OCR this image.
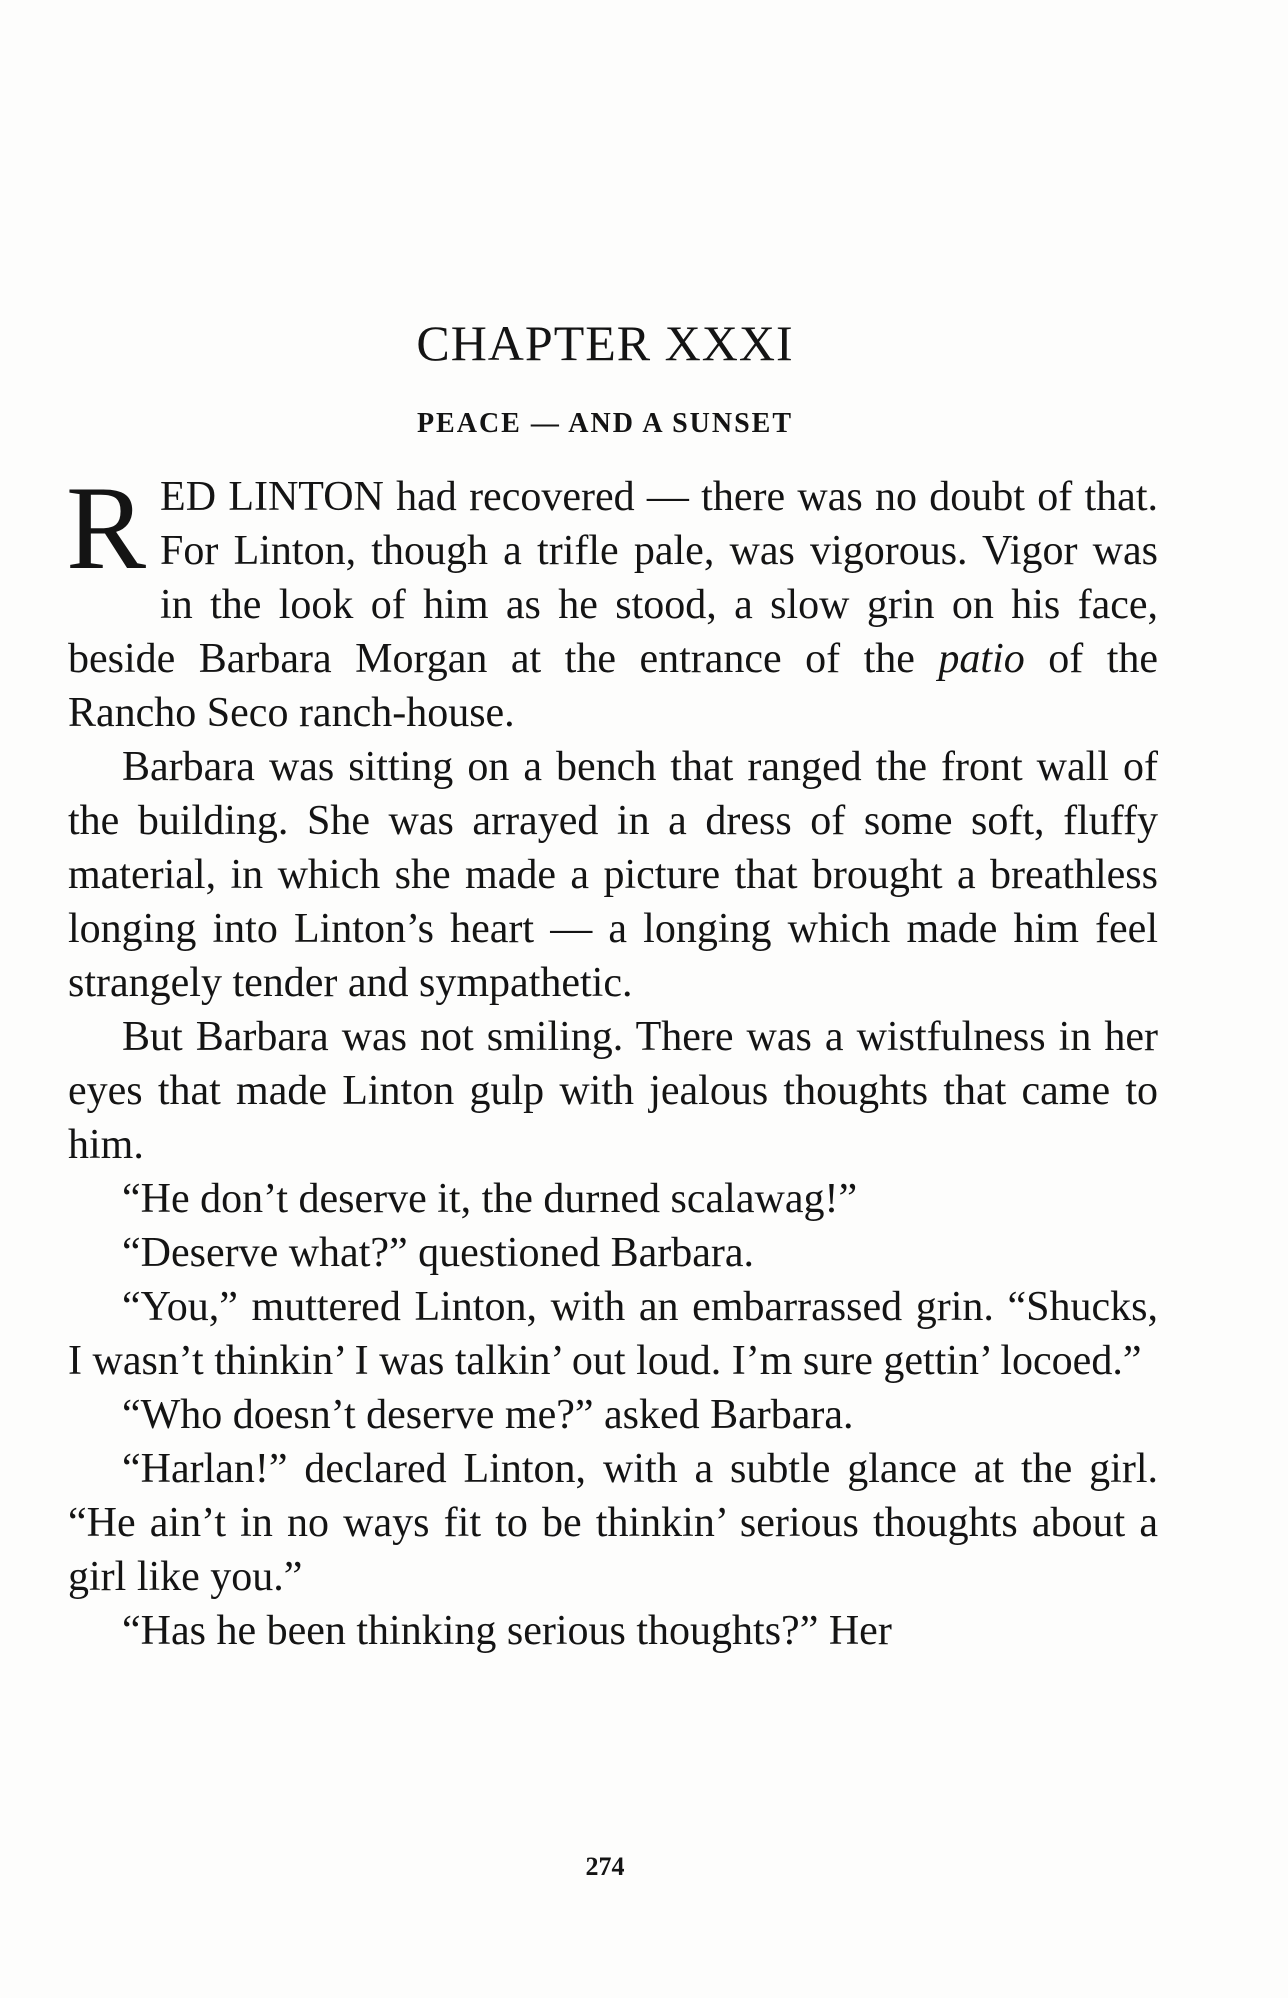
CHAPTER XXXI
PEACE — AND A SUNSET

RED LINTON had recovered — there was no doubt of that. For Linton, though a trifle pale, was vigorous. Vigor was in the look of him as he stood, a slow grin on his face, beside Barbara Morgan at the entrance of the patio of the Rancho Seco ranch-house.

Barbara was sitting on a bench that ranged the front wall of the building. She was arrayed in a dress of some soft, fluffy material, in which she made a picture that brought a breathless longing into Linton’s heart — a longing which made him feel strangely tender and sympathetic.

But Barbara was not smiling. There was a wistfulness in her eyes that made Linton gulp with jealous thoughts that came to him.

“He don’t deserve it, the durned scalawag!”

“Deserve what?” questioned Barbara.

“You,” muttered Linton, with an embarrassed grin. “Shucks, I wasn’t thinkin’ I was talkin’ out loud. I’m sure gettin’ locoed.”

“Who doesn’t deserve me?” asked Barbara.

“Harlan!” declared Linton, with a subtle glance at the girl. “He ain’t in no ways fit to be thinkin’ serious thoughts about a girl like you.”

“Has he been thinking serious thoughts?” Her

274
